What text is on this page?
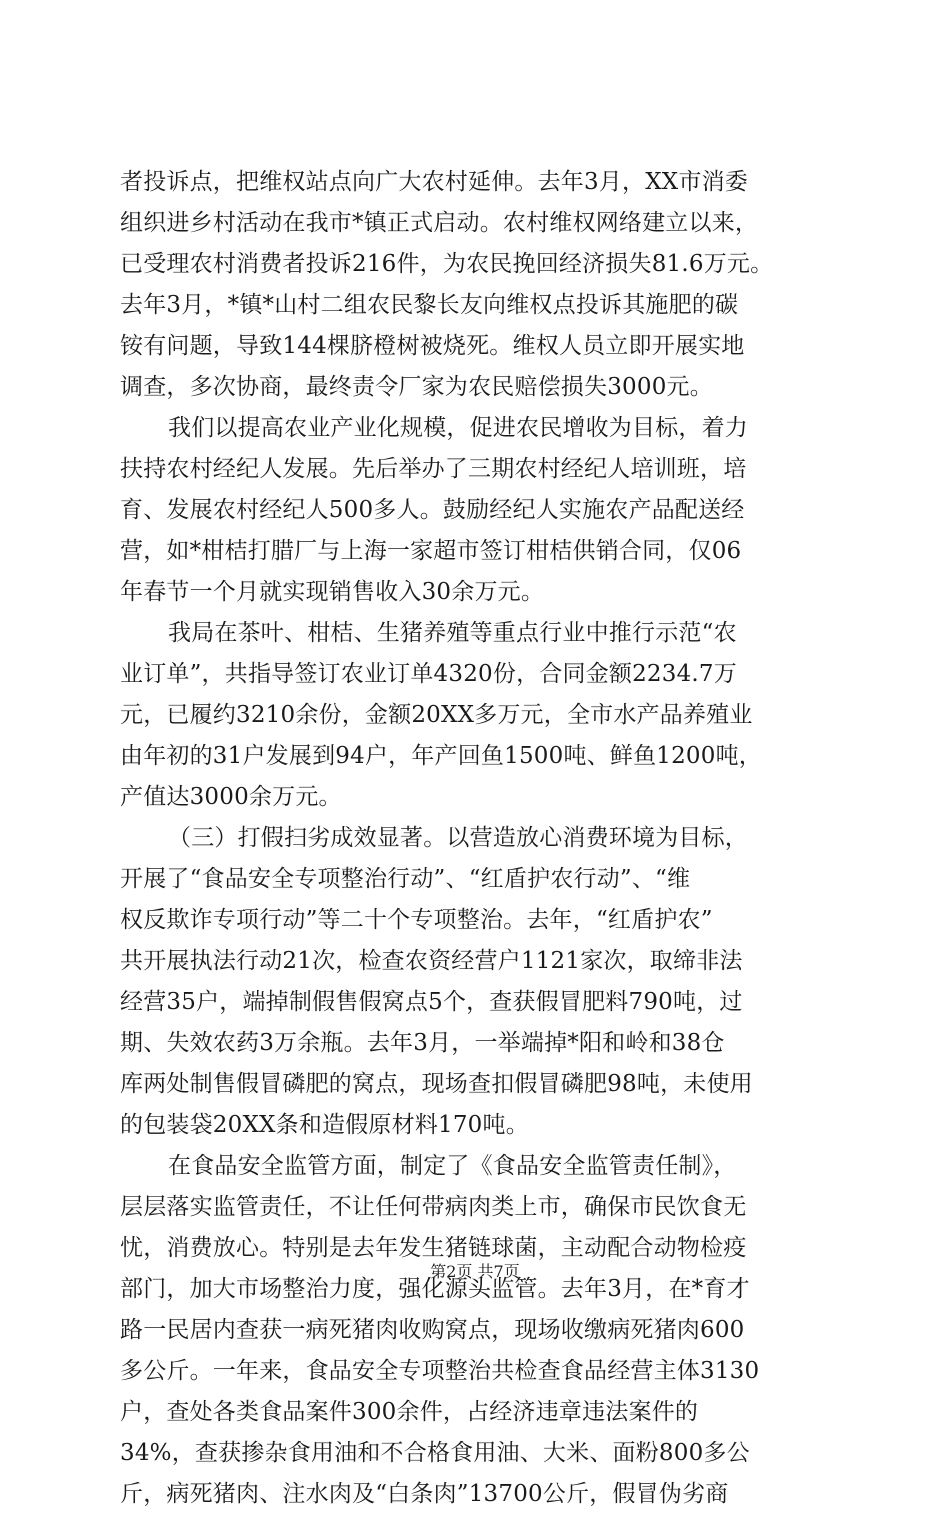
者投诉点，把维权站点向广大农村延伸。去年3月，XX市消委
组织进乡村活动在我市*镇正式启动。农村维权网络建立以来，
已受理农村消费者投诉216件，为农民挽回经济损失81.6万元。
去年3月，*镇*山村二组农民黎长友向维权点投诉其施肥的碳
铵有问题，导致144棵脐橙树被烧死。维权人员立即开展实地
调查，多次协商，最终责令厂家为农民赔偿损失3000元。
我们以提高农业产业化规模，促进农民增收为目标，着力
扶持农村经纪人发展。先后举办了三期农村经纪人培训班，培
育、发展农村经纪人500多人。鼓励经纪人实施农产品配送经
营，如*柑桔打腊厂与上海一家超市签订柑桔供销合同，仅06
年春节一个月就实现销售收入30余万元。
我局在茶叶、柑桔、生猪养殖等重点行业中推行示范“农
业订单”，共指导签订农业订单4320份，合同金额2234.7万
元，已履约3210余份，金额20XX多万元，全市水产品养殖业
由年初的31户发展到94户，年产回鱼1500吨、鲜鱼1200吨，
产值达3000余万元。
（三）打假扫劣成效显著。以营造放心消费环境为目标，
开展了“食品安全专项整治行动”、“红盾护农行动”、“维
权反欺诈专项行动”等二十个专项整治。去年，“红盾护农”
共开展执法行动21次，检查农资经营户1121家次，取缔非法
经营35户，端掉制假售假窝点5个，查获假冒肥料790吨，过
期、失效农药3万余瓶。去年3月，一举端掉*阳和岭和38仓
库两处制售假冒磷肥的窝点，现场查扣假冒磷肥98吨，未使用
的包装袋20XX条和造假原材料170吨。
在食品安全监管方面，制定了《食品安全监管责任制》，
层层落实监管责任，不让任何带病肉类上市，确保市民饮食无
忧，消费放心。特别是去年发生猪链球菌，主动配合动物检疫
部门，加大市场整治力度，强化源头监管。去年3月，在*育才
路一民居内查获一病死猪肉收购窝点，现场收缴病死猪肉600
多公斤。一年来，食品安全专项整治共检查食品经营主体3130
户，查处各类食品案件300余件，占经济违章违法案件的
34%，查获掺杂食用油和不合格食用油、大米、面粉800多公
斤，病死猪肉、注水肉及“白条肉”13700公斤，假冒伪劣商
第2页 共7页
